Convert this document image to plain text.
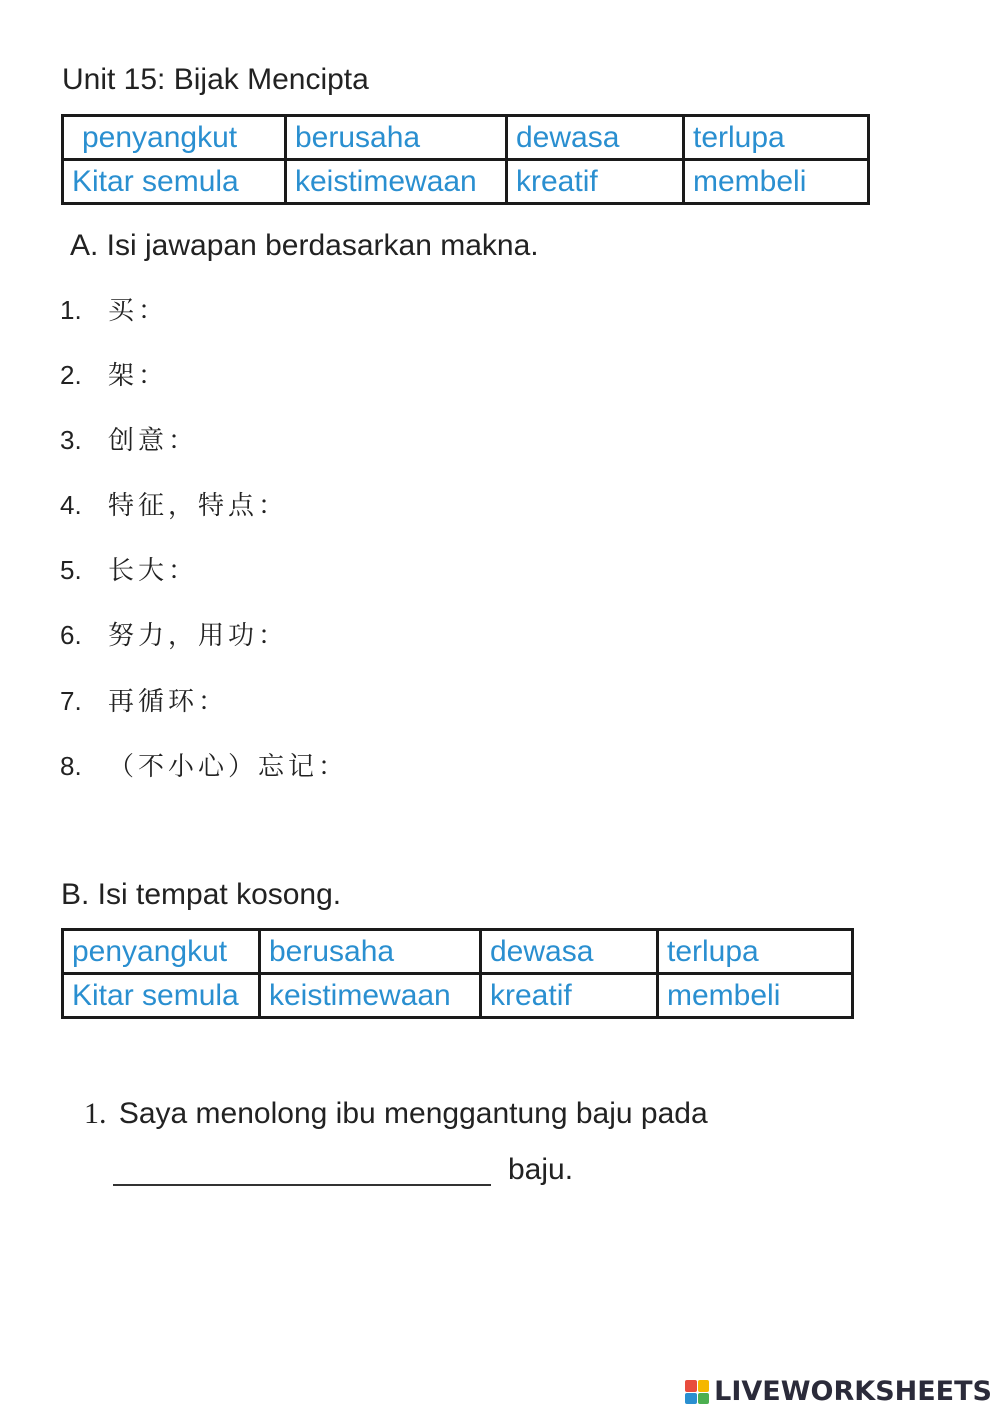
Unit 15: Bijak Mencipta
penyangkut	berusaha	dewasa	terlupa
Kitar semula	keistimewaan	kreatif	membeli
A. Isi jawapan berdasarkan makna.
1. 买：
2. 架：
3. 创意：
4. 特征，特点：
5. 长大：
6. 努力，用功：
7. 再循环：
8. （不小心）忘记：
B. Isi tempat kosong.
penyangkut	berusaha	dewasa	terlupa
Kitar semula	keistimewaan	kreatif	membeli
1. Saya menolong ibu menggantung baju pada
baju.
LIVEWORKSHEETS
